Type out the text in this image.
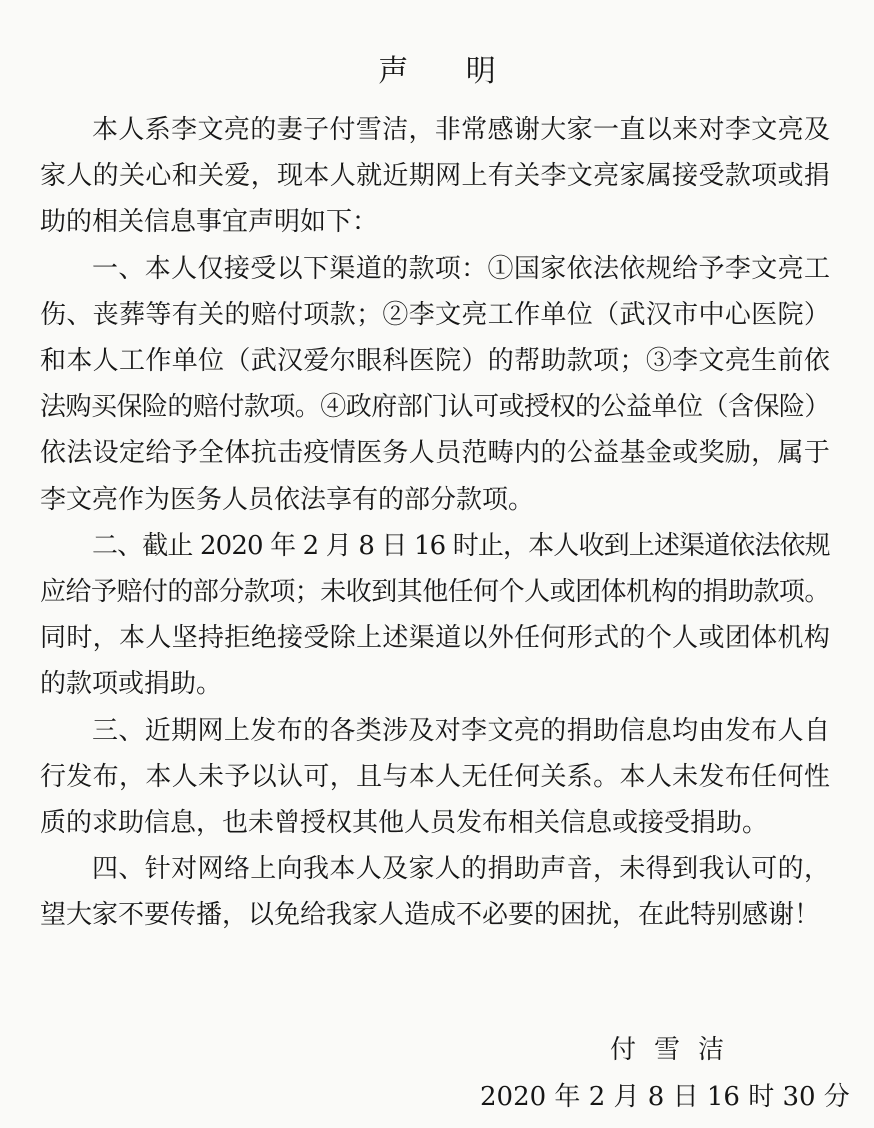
声 明
本人系李文亮的妻子付雪洁，非常感谢大家一直以来对李文亮及
家人的关心和关爱，现本人就近期网上有关李文亮家属接受款项或捐
助的相关信息事宜声明如下：
一、本人仅接受以下渠道的款项：①国家依法依规给予李文亮工
伤、丧葬等有关的赔付项款；②李文亮工作单位（武汉市中心医院）
和本人工作单位（武汉爱尔眼科医院）的帮助款项；③李文亮生前依
法购买保险的赔付款项。④政府部门认可或授权的公益单位（含保险）
依法设定给予全体抗击疫情医务人员范畴内的公益基金或奖励，属于
李文亮作为医务人员依法享有的部分款项。
二、截止 2020 年 2 月 8 日 16 时止，本人收到上述渠道依法依规
应给予赔付的部分款项；未收到其他任何个人或团体机构的捐助款项。
同时，本人坚持拒绝接受除上述渠道以外任何形式的个人或团体机构
的款项或捐助。
三、近期网上发布的各类涉及对李文亮的捐助信息均由发布人自
行发布，本人未予以认可，且与本人无任何关系。本人未发布任何性
质的求助信息，也未曾授权其他人员发布相关信息或接受捐助。
四、针对网络上向我本人及家人的捐助声音，未得到我认可的，
望大家不要传播，以免给我家人造成不必要的困扰，在此特别感谢！
付雪洁
2020 年 2 月 8 日 16 时 30 分
